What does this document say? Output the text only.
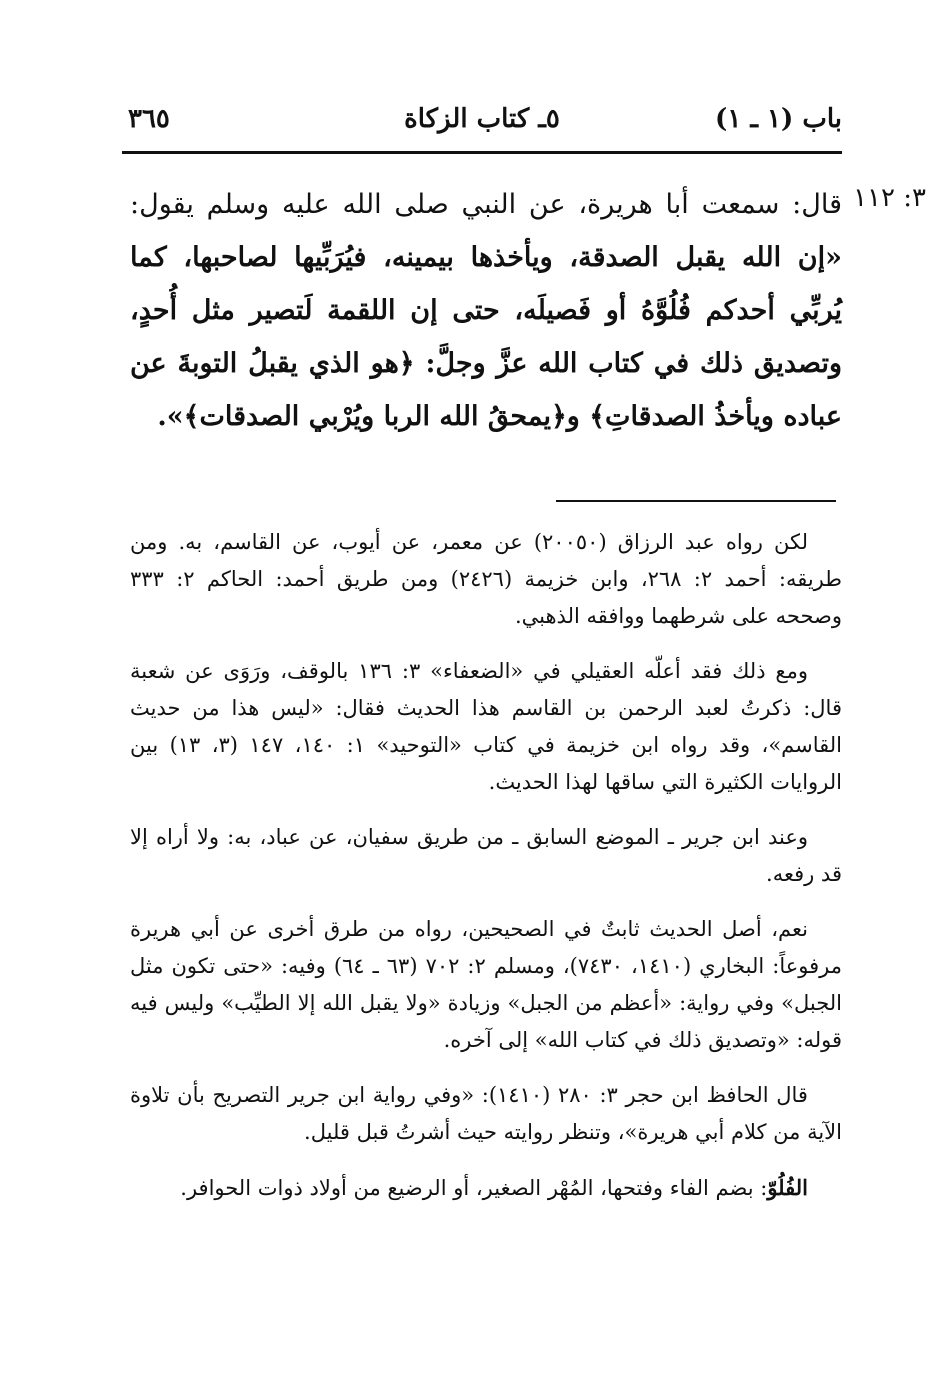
باب (١ ـ ١)
٥ـ كتاب الزكاة
٣٦٥
٣: ١١٢
قال: سمعت أبا هريرة، عن النبي صلى الله عليه وسلم يقول: «إن الله يقبل الصدقة، ويأخذها بيمينه، فيُرَبِّيها لصاحبها، كما يُربِّي أحدكم فُلُوَّهُ أو فَصيلَه، حتى إن اللقمة لَتصير مثل أُحدٍ، وتصديق ذلك في كتاب الله عزَّ وجلَّ: ﴿هو الذي يقبلُ التوبةَ عن عباده ويأخذُ الصدقاتِ﴾ و﴿يمحقُ الله الربا ويُرْبي الصدقات﴾».

لكن رواه عبد الرزاق (٢٠٠٥٠) عن معمر، عن أيوب، عن القاسم، به. ومن طريقه: أحمد ٢: ٢٦٨، وابن خزيمة (٢٤٢٦) ومن طريق أحمد: الحاكم ٢: ٣٣٣ وصححه على شرطهما ووافقه الذهبي.

ومع ذلك فقد أعلّه العقيلي في «الضعفاء» ٣: ١٣٦ بالوقف، ورَوَى عن شعبة قال: ذكرتُ لعبد الرحمن بن القاسم هذا الحديث فقال: «ليس هذا من حديث القاسم»، وقد رواه ابن خزيمة في كتاب «التوحيد» ١: ١٤٠، ١٤٧ (٣، ١٣) بين الروايات الكثيرة التي ساقها لهذا الحديث.

وعند ابن جرير ـ الموضع السابق ـ من طريق سفيان، عن عباد، به: ولا أراه إلا قد رفعه.

نعم، أصل الحديث ثابتٌ في الصحيحين، رواه من طرق أخرى عن أبي هريرة مرفوعاً: البخاري (١٤١٠، ٧٤٣٠)، ومسلم ٢: ٧٠٢ (٦٣ ـ ٦٤) وفيه: «حتى تكون مثل الجبل» وفي رواية: «أعظم من الجبل» وزيادة «ولا يقبل الله إلا الطيِّب» وليس فيه قوله: «وتصديق ذلك في كتاب الله» إلى آخره.

قال الحافظ ابن حجر ٣: ٢٨٠ (١٤١٠): «وفي رواية ابن جرير التصريح بأن تلاوة الآية من كلام أبي هريرة»، وتنظر روايته حيث أشرتُ قبل قليل.

الفُلُوّ: بضم الفاء وفتحها، المُهْر الصغير، أو الرضيع من أولاد ذوات الحوافر.
